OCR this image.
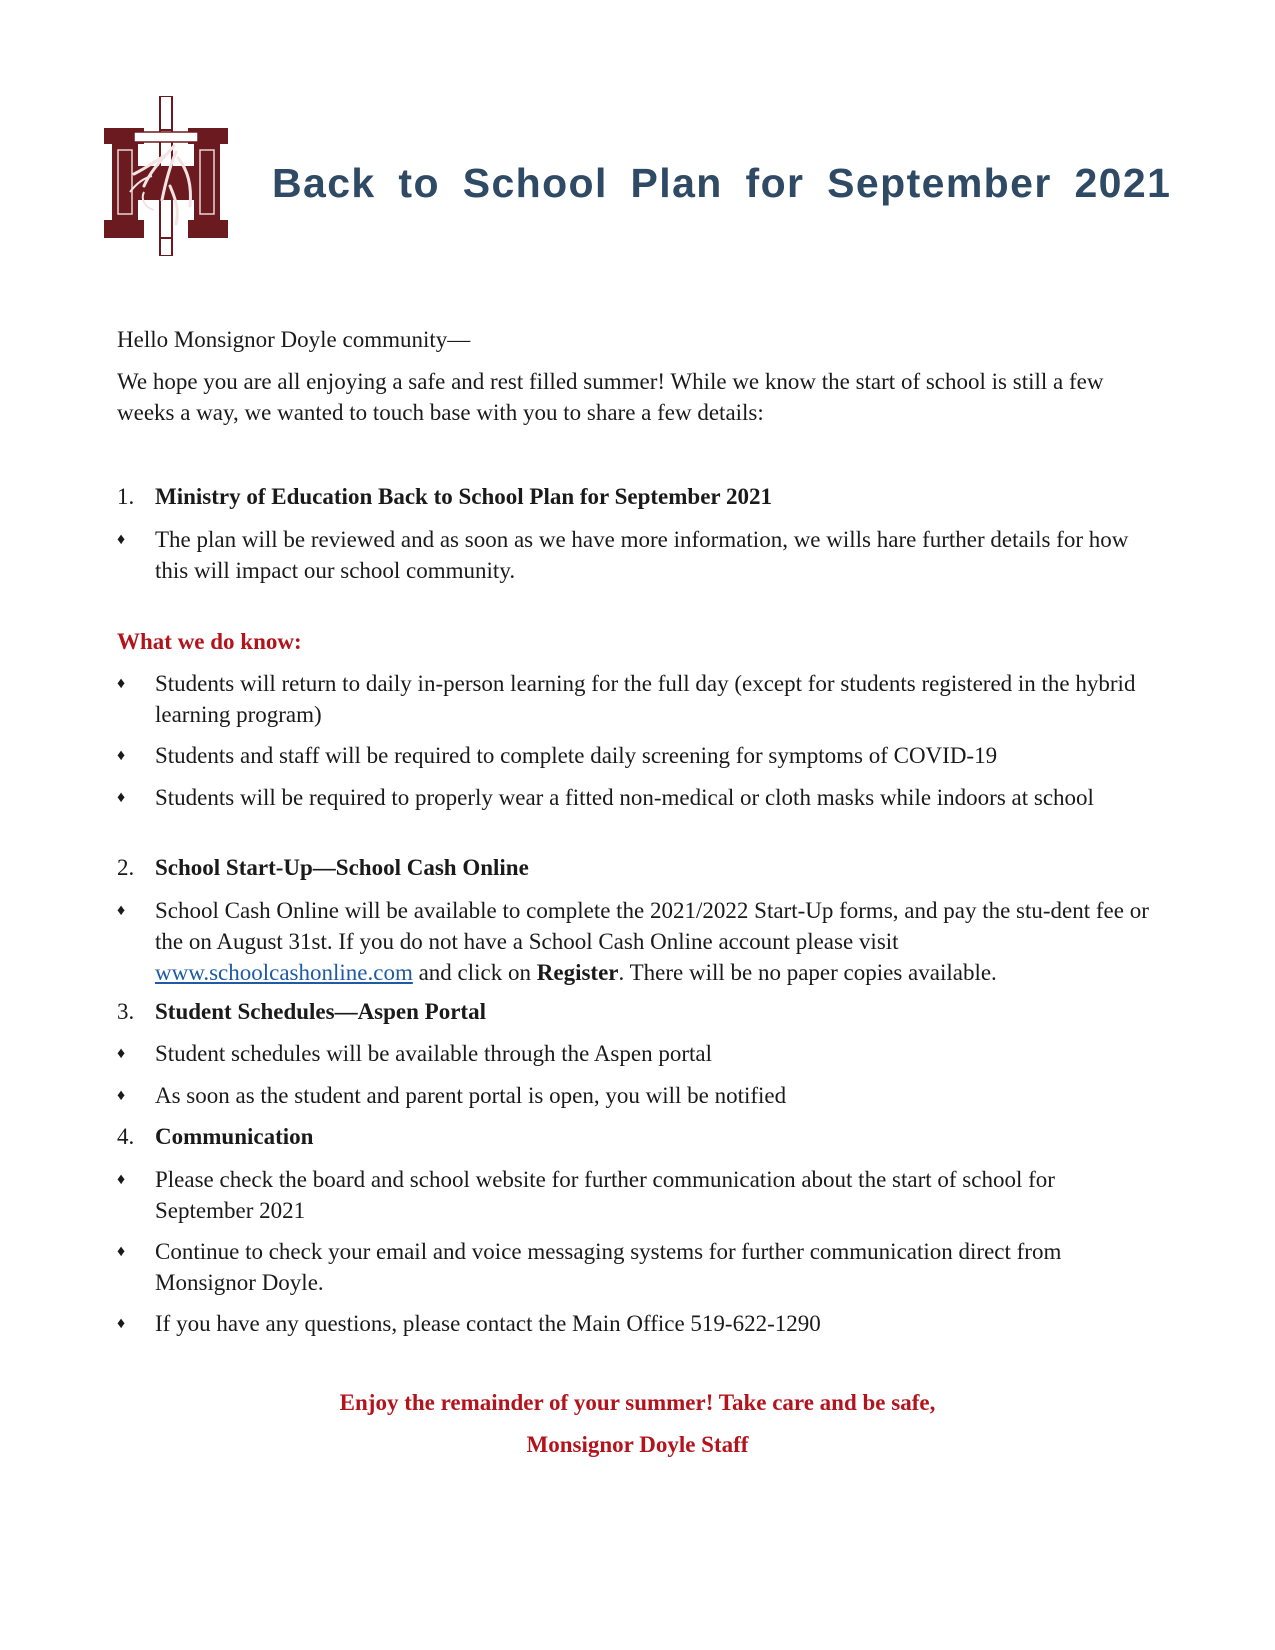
Back to School Plan for September 2021
Hello Monsignor Doyle community—
We hope you are all enjoying a safe and rest filled summer! While we know the start of school is still a few weeks a way, we wanted to touch base with you to share a few details:
1. Ministry of Education Back to School Plan for September 2021
♦ The plan will be reviewed and as soon as we have more information, we wills hare further details for how this will impact our school community.
What we do know:
♦ Students will return to daily in-person learning for the full day (except for students registered in the hybrid learning program)
♦ Students and staff will be required to complete daily screening for symptoms of COVID-19
♦ Students will be required to properly wear a fitted non-medical or cloth masks while indoors at school
2. School Start-Up—School Cash Online
♦ School Cash Online will be available to complete the 2021/2022 Start-Up forms, and pay the stu-dent fee or the on August 31st. If you do not have a School Cash Online account please visit www.schoolcashonline.com and click on Register. There will be no paper copies available.
3. Student Schedules—Aspen Portal
♦ Student schedules will be available through the Aspen portal
♦ As soon as the student and parent portal is open, you will be notified
4. Communication
♦ Please check the board and school website for further communication about the start of school for September 2021
♦ Continue to check your email and voice messaging systems for further communication direct from Monsignor Doyle.
♦ If you have any questions, please contact the Main Office 519-622-1290
Enjoy the remainder of your summer! Take care and be safe,
Monsignor Doyle Staff
